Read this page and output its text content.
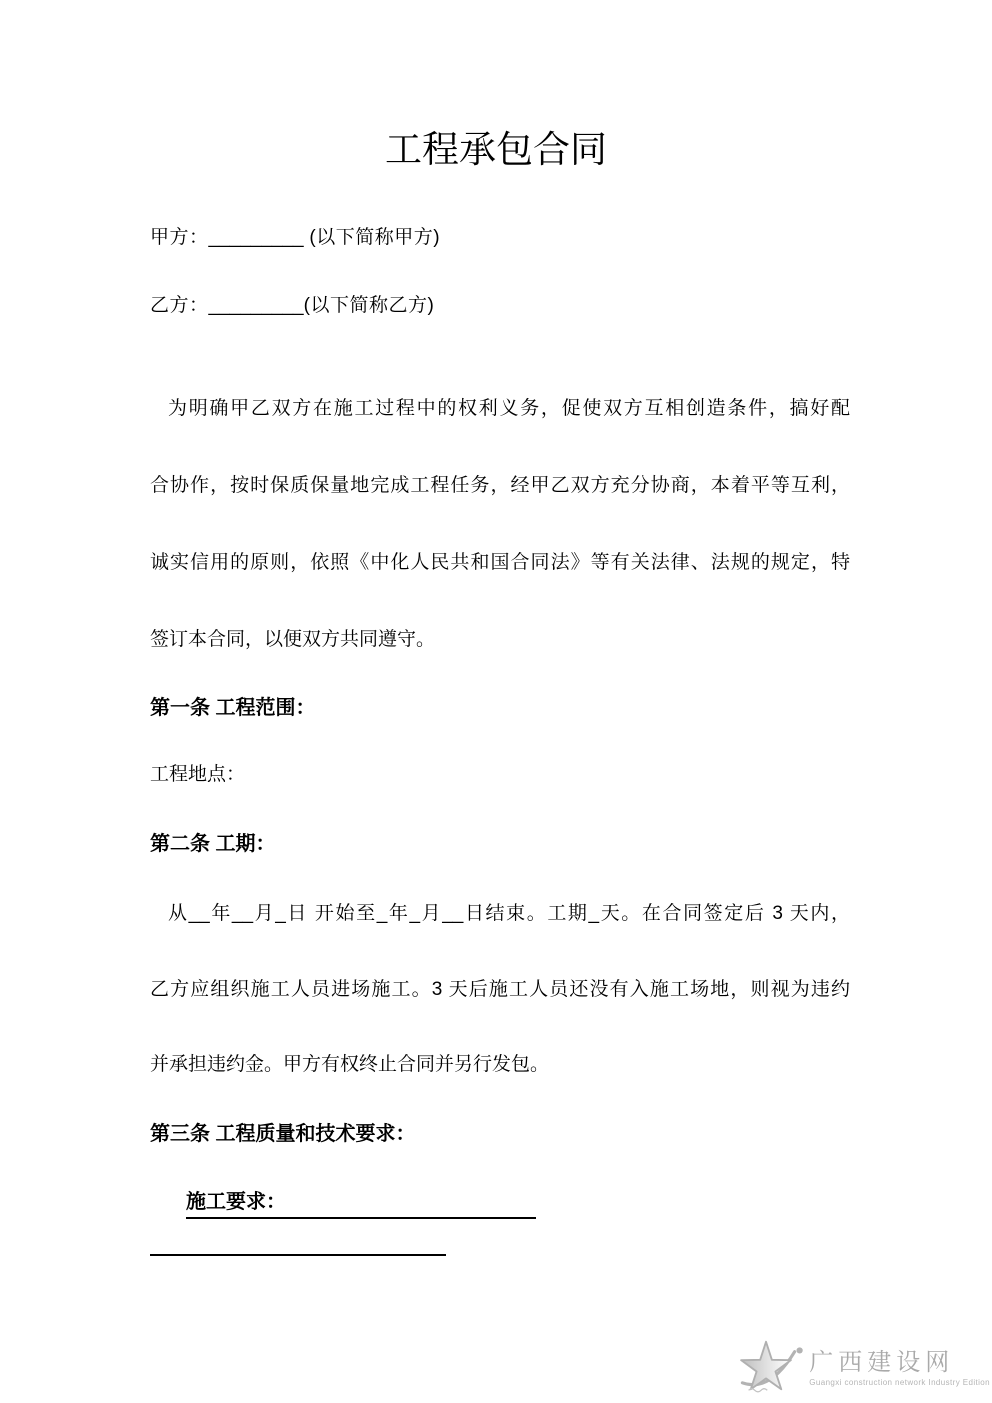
工程承包合同
甲方：_________ (以下简称甲方)
乙方：_________(以下简称乙方)
为明确甲乙双方在施工过程中的权利义务，促使双方互相创造条件，搞好配
合协作，按时保质保量地完成工程任务，经甲乙双方充分协商，本着平等互利，
诚实信用的原则，依照《中化人民共和国合同法》等有关法律、法规的规定，特
签订本合同，以便双方共同遵守。
第一条 工程范围：
工程地点：
第二条 工期：
从__年__月_日 开始至_年_月__日结束。工期_天。在合同签定后 3 天内，
乙方应组织施工人员进场施工。3 天后施工人员还没有入施工场地，则视为违约
并承担违约金。甲方有权终止合同并另行发包。
第三条 工程质量和技术要求：
施工要求：
广西建设网
Guangxi construction network Industry Edition
